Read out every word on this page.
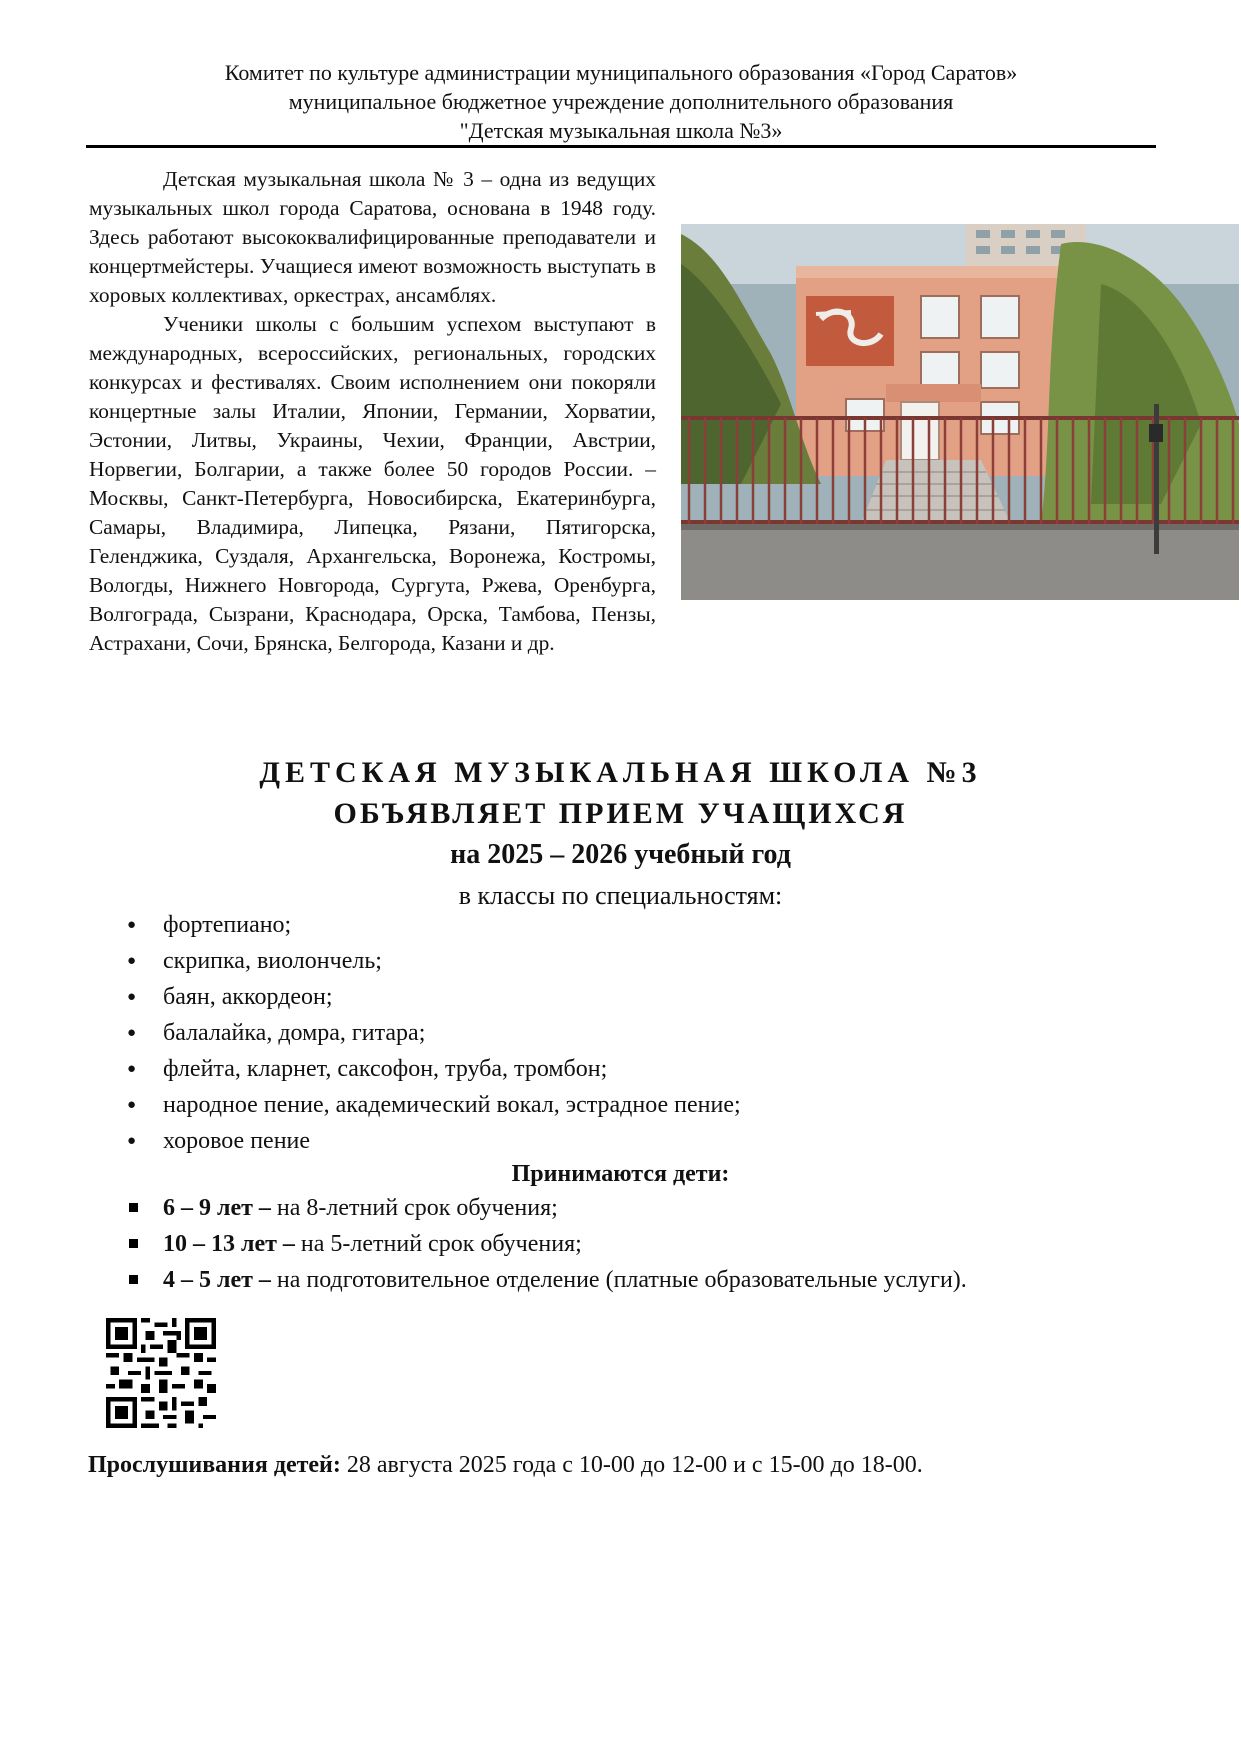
Комитет по культуре администрации муниципального образования «Город Саратов»
муниципальное бюджетное учреждение дополнительного образования
"Детская музыкальная школа №3»

Детская музыкальная школа № 3 – одна из ведущих музыкальных школ города Саратова, основана в 1948 году. Здесь работают высококвалифицированные преподаватели и концертмейстеры. Учащиеся имеют возможность выступать в хоровых коллективах, оркестрах, ансамблях.

Ученики школы с большим успехом выступают в международных, всероссийских, региональных, городских конкурсах и фестивалях. Своим исполнением они покоряли концертные залы Италии, Японии, Германии, Хорватии, Эстонии, Литвы, Украины, Чехии, Франции, Австрии, Норвегии, Болгарии, а также более 50 городов России. – Москвы, Санкт-Петербурга, Новосибирска, Екатеринбурга, Самары, Владимира, Липецка, Рязани, Пятигорска, Геленджика, Суздаля, Архангельска, Воронежа, Костромы, Вологды, Нижнего Новгорода, Сургута, Ржева, Оренбурга, Волгограда, Сызрани, Краснодара, Орска, Тамбова, Пензы, Астрахани, Сочи, Брянска, Белгорода, Казани и др.

ДЕТСКАЯ МУЗЫКАЛЬНАЯ ШКОЛА №3
ОБЪЯВЛЯЕТ ПРИЕМ УЧАЩИХСЯ
на 2025 – 2026 учебный год
в классы по специальностям:
● фортепиано;
● скрипка, виолончель;
● баян, аккордеон;
● балалайка, домра, гитара;
● флейта, кларнет, саксофон, труба, тромбон;
● народное пение, академический вокал, эстрадное пение;
● хоровое пение
Принимаются дети:
6 – 9 лет – на 8-летний срок обучения;
10 – 13 лет – на 5-летний срок обучения;
4 – 5 лет – на подготовительное отделение (платные образовательные услуги).
Прослушивания детей: 28 августа 2025 года с 10-00 до 12-00 и с 15-00 до 18-00.
